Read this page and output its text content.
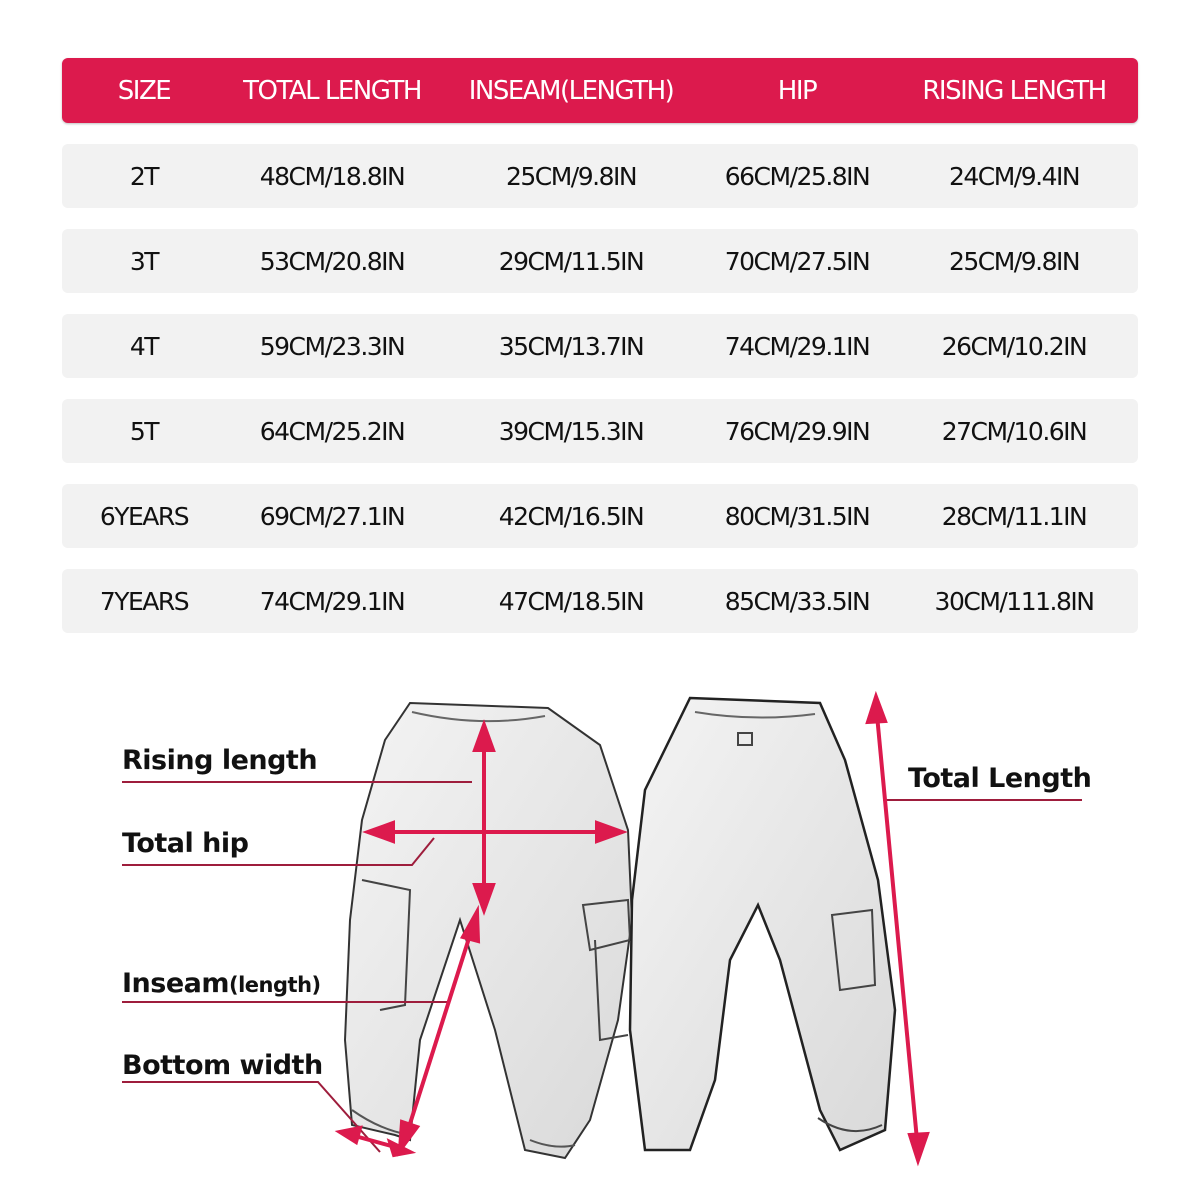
SIZE	TOTAL LENGTH	INSEAM(LENGTH)	HIP	RISING LENGTH
2T	48CM/18.8IN	25CM/9.8IN	66CM/25.8IN	24CM/9.4IN
3T	53CM/20.8IN	29CM/11.5IN	70CM/27.5IN	25CM/9.8IN
4T	59CM/23.3IN	35CM/13.7IN	74CM/29.1IN	26CM/10.2IN
5T	64CM/25.2IN	39CM/15.3IN	76CM/29.9IN	27CM/10.6IN
6YEARS	69CM/27.1IN	42CM/16.5IN	80CM/31.5IN	28CM/11.1IN
7YEARS	74CM/29.1IN	47CM/18.5IN	85CM/33.5IN	30CM/111.8IN
Rising length
Total hip
Inseam(length)
Bottom width
Total Length
